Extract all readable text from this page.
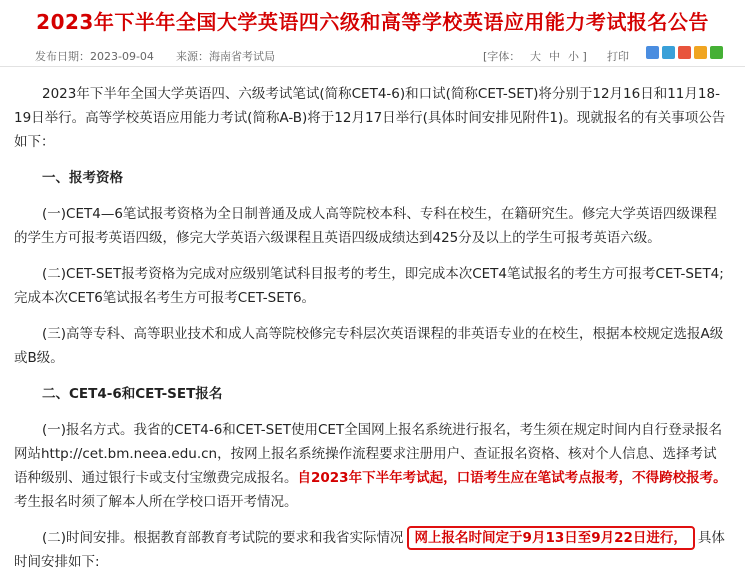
2023年下半年全国大学英语四六级和高等学校英语应用能力考试报名公告
发布日期：2023-09-04 来源：海南省考试局	[字体： 大 中 小 ] 打印

2023年下半年全国大学英语四、六级考试笔试(简称CET4-6)和口试(简称CET-SET)将分别于12月16日和11月18-19日举行。高等学校英语应用能力考试(简称A-B)将于12月17日举行(具体时间安排见附件1)。现就报名的有关事项公告如下：

一、报考资格

(一)CET4—6笔试报考资格为全日制普通及成人高等院校本科、专科在校生，在籍研究生。修完大学英语四级课程的学生方可报考英语四级，修完大学英语六级课程且英语四级成绩达到425分及以上的学生可报考英语六级。

(二)CET-SET报考资格为完成对应级别笔试科目报考的考生，即完成本次CET4笔试报名的考生方可报考CET-SET4;完成本次CET6笔试报名考生方可报考CET-SET6。

(三)高等专科、高等职业技术和成人高等院校修完专科层次英语课程的非英语专业的在校生，根据本校规定选报A级或B级。

二、CET4-6和CET-SET报名

(一)报名方式。我省的CET4-6和CET-SET使用CET全国网上报名系统进行报名，考生须在规定时间内自行登录报名网站http://cet.bm.neea.edu.cn，按网上报名系统操作流程要求注册用户、查证报名资格、核对个人信息、选择考试语种级别、通过银行卡或支付宝缴费完成报名。自2023年下半年考试起，口语考生应在笔试考点报考，不得跨校报考。考生报名时须了解本人所在学校口语开考情况。

(二)时间安排。根据教育部教育考试院的要求和我省实际情况 网上报名时间定于9月13日至9月22日进行， 具体时间安排如下:
